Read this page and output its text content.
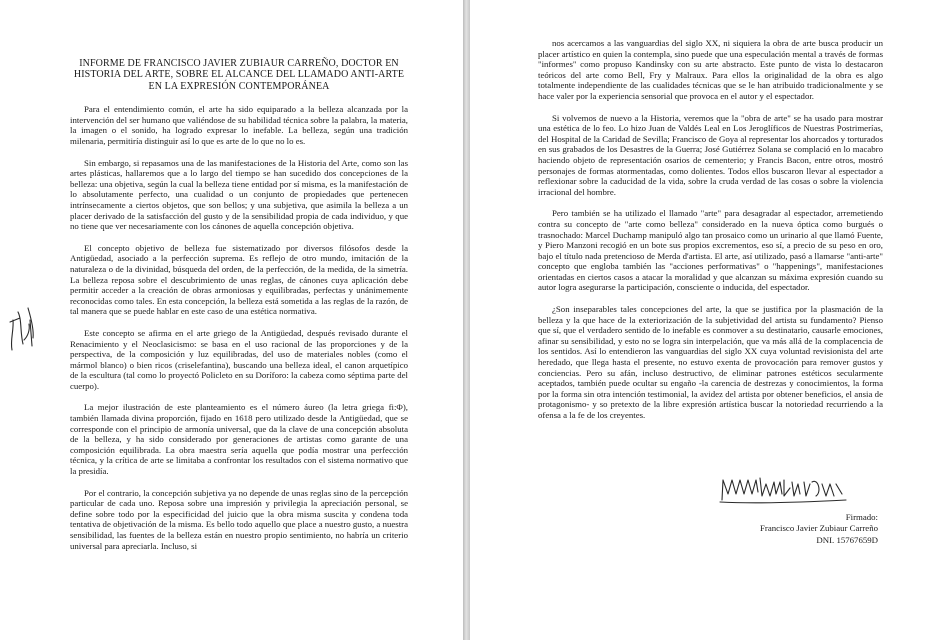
INFORME DE FRANCISCO JAVIER ZUBIAUR CARREÑO, DOCTOR EN HISTORIA DEL ARTE, SOBRE EL ALCANCE DEL LLAMADO ANTI-ARTE EN LA EXPRESIÓN CONTEMPORÁNEA

Para el entendimiento común, el arte ha sido equiparado a la belleza alcanzada por la intervención del ser humano que valiéndose de su habilidad técnica sobre la palabra, la materia, la imagen o el sonido, ha logrado expresar lo inefable. La belleza, según una tradición milenaria, permitiría distinguir así lo que es arte de lo que no lo es.

Sin embargo, si repasamos una de las manifestaciones de la Historia del Arte, como son las artes plásticas, hallaremos que a lo largo del tiempo se han sucedido dos concepciones de la belleza: una objetiva, según la cual la belleza tiene entidad por sí misma, es la manifestación de lo absolutamente perfecto, una cualidad o un conjunto de propiedades que pertenecen intrínsecamente a ciertos objetos, que son bellos; y una subjetiva, que asimila la belleza a un placer derivado de la satisfacción del gusto y de la sensibilidad propia de cada individuo, y que no tiene que ver necesariamente con los cánones de aquella concepción objetiva.

El concepto objetivo de belleza fue sistematizado por diversos filósofos desde la Antigüedad, asociado a la perfección suprema. Es reflejo de otro mundo, imitación de la naturaleza o de la divinidad, búsqueda del orden, de la perfección, de la medida, de la simetría. La belleza reposa sobre el descubrimiento de unas reglas, de cánones cuya aplicación debe permitir acceder a la creación de obras armoniosas y equilibradas, perfectas y unánimemente reconocidas como tales. En esta concepción, la belleza está sometida a las reglas de la razón, de tal manera que se puede hablar en este caso de una estética normativa.

Este concepto se afirma en el arte griego de la Antigüedad, después revisado durante el Renacimiento y el Neoclasicismo: se basa en el uso racional de las proporciones y de la perspectiva, de la composición y luz equilibradas, del uso de materiales nobles (como el mármol blanco) o bien ricos (criselefantina), buscando una belleza ideal, el canon arquetípico de la escultura (tal como lo proyectó Policleto en su Doríforo: la cabeza como séptima parte del cuerpo).

La mejor ilustración de este planteamiento es el número áureo (la letra griega fi:Φ), también llamada divina proporción, fijado en 1618 pero utilizado desde la Antigüedad, que se corresponde con el principio de armonía universal, que da la clave de una concepción absoluta de la belleza, y ha sido considerado por generaciones de artistas como garante de una composición equilibrada. La obra maestra sería aquella que podía mostrar una perfección técnica, y la crítica de arte se limitaba a confrontar los resultados con el sistema normativo que la presidía.

Por el contrario, la concepción subjetiva ya no depende de unas reglas sino de la percepción particular de cada uno. Reposa sobre una impresión y privilegia la apreciación personal, se define sobre todo por la especificidad del juicio que la obra misma suscita y condena toda tentativa de objetivación de la misma. Es bello todo aquello que place a nuestro gusto, a nuestra sensibilidad, las fuentes de la belleza están en nuestro propio sentimiento, no habría un criterio universal para apreciarla. Incluso, si

nos acercamos a las vanguardias del siglo XX, ni siquiera la obra de arte busca producir un placer artístico en quien la contempla, sino puede que una especulación mental a través de formas "informes" como propuso Kandinsky con su arte abstracto. Este punto de vista lo destacaron teóricos del arte como Bell, Fry y Malraux. Para ellos la originalidad de la obra es algo totalmente independiente de las cualidades técnicas que se le han atribuido tradicionalmente y se hace valer por la experiencia sensorial que provoca en el autor y el espectador.

Si volvemos de nuevo a la Historia, veremos que la "obra de arte" se ha usado para mostrar una estética de lo feo. Lo hizo Juan de Valdés Leal en Los Jeroglíficos de Nuestras Postrimerías, del Hospital de la Caridad de Sevilla; Francisco de Goya al representar los ahorcados y torturados en sus grabados de los Desastres de la Guerra; José Gutiérrez Solana se complació en lo macabro haciendo objeto de representación osarios de cementerio; y Francis Bacon, entre otros, mostró personajes de formas atormentadas, como dolientes. Todos ellos buscaron llevar al espectador a reflexionar sobre la caducidad de la vida, sobre la cruda verdad de las cosas o sobre la violencia irracional del hombre.

Pero también se ha utilizado el llamado "arte" para desagradar al espectador, arremetiendo contra su concepto de "arte como belleza" considerado en la nueva óptica como burgués o trasnochado: Marcel Duchamp manipuló algo tan prosaico como un urinario al que llamó Fuente, y Piero Manzoni recogió en un bote sus propios excrementos, eso sí, a precio de su peso en oro, bajo el título nada pretencioso de Merda d'artista. El arte, así utilizado, pasó a llamarse "anti-arte" concepto que engloba también las "acciones performativas" o "happenings", manifestaciones orientadas en ciertos casos a atacar la moralidad y que alcanzan su máxima expresión cuando su autor logra asegurarse la participación, consciente o inducida, del espectador.

¿Son inseparables tales concepciones del arte, la que se justifica por la plasmación de la belleza y la que hace de la exteriorización de la subjetividad del artista su fundamento? Pienso que sí, que el verdadero sentido de lo inefable es conmover a su destinatario, causarle emociones, afinar su sensibilidad, y esto no se logra sin interpelación, que va más allá de la complacencia de los sentidos. Así lo entendieron las vanguardias del siglo XX cuya voluntad revisionista del arte heredado, que llega hasta el presente, no estuvo exenta de provocación para remover gustos y conciencias. Pero su afán, incluso destructivo, de eliminar patrones estéticos secularmente aceptados, también puede ocultar su engaño -la carencia de destrezas y conocimientos, la forma por la forma sin otra intención testimonial, la avidez del artista por obtener beneficios, el ansia de protagonismo- y so pretexto de la libre expresión artística buscar la notoriedad recurriendo a la ofensa a la fe de los creyentes.

Firmado:
Francisco Javier Zubiaur Carreño
DNI. 15767659D
